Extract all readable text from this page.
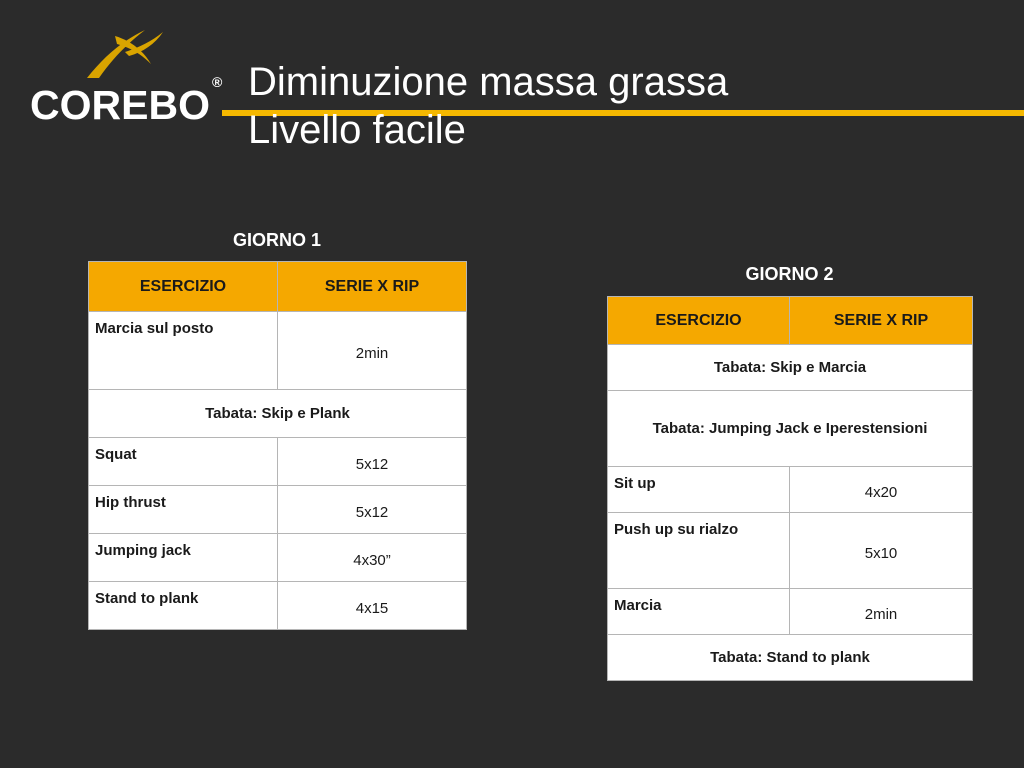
COREBO ® Diminuzione massa grassa
Livello facile
GIORNO 1
ESERCIZIO	SERIE X RIP
Marcia sul posto	2min
Tabata: Skip e Plank	
Squat	5x12
Hip thrust	5x12
Jumping jack	4x30”
Stand to plank	4x15
GIORNO 2
ESERCIZIO	SERIE X RIP
Tabata: Skip e Marcia	
Tabata: Jumping Jack e Iperestensioni	
Sit up	4x20
Push up su rialzo	5x10
Marcia	2min
Tabata: Stand to plank	
